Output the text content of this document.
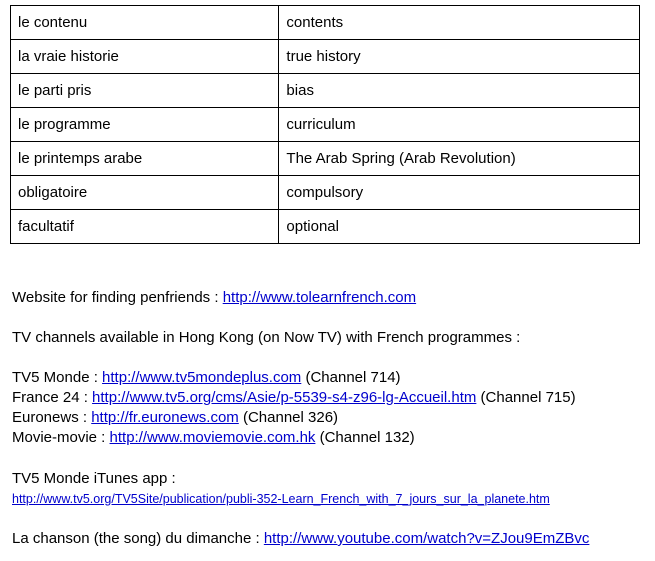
le contenu	contents
la vraie historie	true history
le parti pris	bias
le programme	curriculum
le printemps arabe	The Arab Spring (Arab Revolution)
obligatoire	compulsory
facultatif	optional
Website for finding penfriends : http://www.tolearnfrench.com
TV channels available in Hong Kong (on Now TV) with French programmes :
TV5 Monde : http://www.tv5mondeplus.com (Channel 714)
France 24 : http://www.tv5.org/cms/Asie/p-5539-s4-z96-lg-Accueil.htm (Channel 715)
Euronews : http://fr.euronews.com (Channel 326)
Movie-movie : http://www.moviemovie.com.hk (Channel 132)
TV5 Monde iTunes app :
http://www.tv5.org/TV5Site/publication/publi-352-Learn_French_with_7_jours_sur_la_planete.htm
La chanson (the song) du dimanche : http://www.youtube.com/watch?v=ZJou9EmZBvc
